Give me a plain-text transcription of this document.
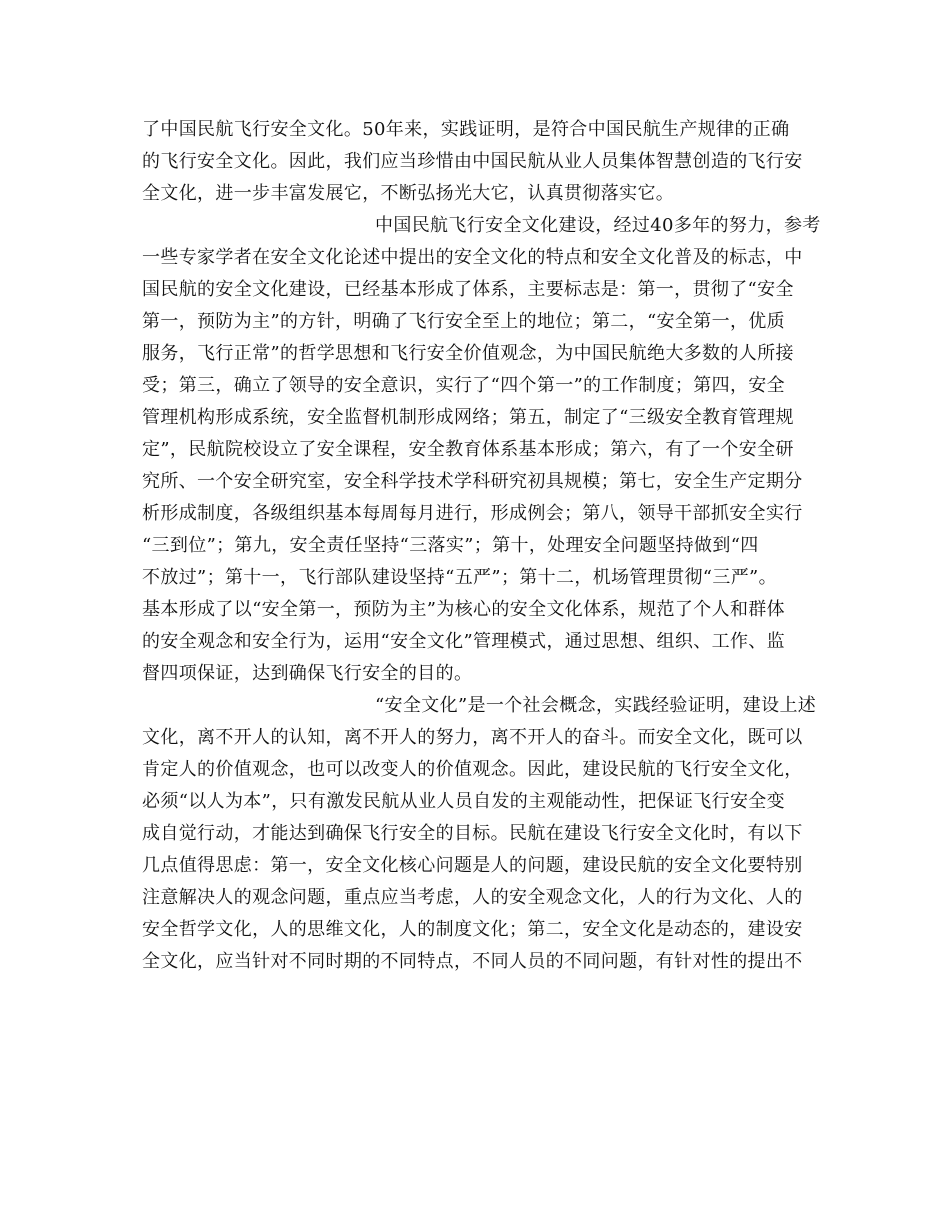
了中国民航飞行安全文化。50年来，实践证明，是符合中国民航生产规律的正确
的飞行安全文化。因此，我们应当珍惜由中国民航从业人员集体智慧创造的飞行安
全文化，进一步丰富发展它，不断弘扬光大它，认真贯彻落实它。
中国民航飞行安全文化建设，经过40多年的努力，参考
一些专家学者在安全文化论述中提出的安全文化的特点和安全文化普及的标志，中
国民航的安全文化建设，已经基本形成了体系，主要标志是：第一，贯彻了“安全
第一，预防为主”的方针，明确了飞行安全至上的地位；第二，“安全第一，优质
服务，飞行正常”的哲学思想和飞行安全价值观念，为中国民航绝大多数的人所接
受；第三，确立了领导的安全意识，实行了“四个第一”的工作制度；第四，安全
管理机构形成系统，安全监督机制形成网络；第五，制定了“三级安全教育管理规
定”，民航院校设立了安全课程，安全教育体系基本形成；第六，有了一个安全研
究所、一个安全研究室，安全科学技术学科研究初具规模；第七，安全生产定期分
析形成制度，各级组织基本每周每月进行，形成例会；第八，领导干部抓安全实行
“三到位”；第九，安全责任坚持“三落实”；第十，处理安全问题坚持做到“四
不放过”；第十一，飞行部队建设坚持“五严”；第十二，机场管理贯彻“三严”。
基本形成了以“安全第一，预防为主”为核心的安全文化体系，规范了个人和群体
的安全观念和安全行为，运用“安全文化”管理模式，通过思想、组织、工作、监
督四项保证，达到确保飞行安全的目的。
“安全文化”是一个社会概念，实践经验证明，建设上述
文化，离不开人的认知，离不开人的努力，离不开人的奋斗。而安全文化，既可以
肯定人的价值观念，也可以改变人的价值观念。因此，建设民航的飞行安全文化，
必须“以人为本”，只有激发民航从业人员自发的主观能动性，把保证飞行安全变
成自觉行动，才能达到确保飞行安全的目标。民航在建设飞行安全文化时，有以下
几点值得思虑：第一，安全文化核心问题是人的问题，建设民航的安全文化要特别
注意解决人的观念问题，重点应当考虑，人的安全观念文化，人的行为文化、人的
安全哲学文化，人的思维文化，人的制度文化；第二，安全文化是动态的，建设安
全文化，应当针对不同时期的不同特点，不同人员的不同问题，有针对性的提出不
